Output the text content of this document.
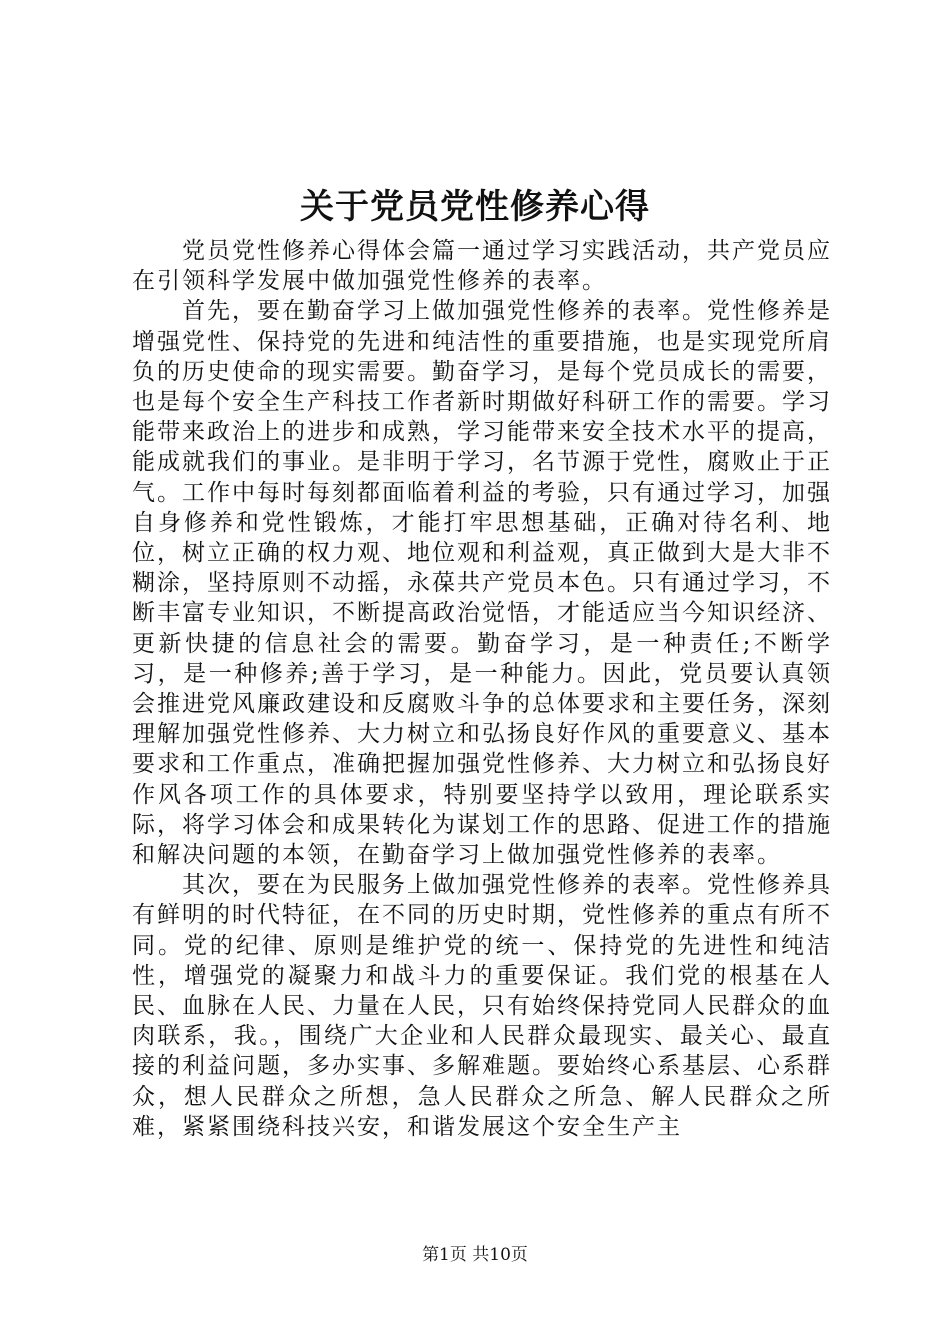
关于党员党性修养心得

党员党性修养心得体会篇一通过学习实践活动，共产党员应在引领科学发展中做加强党性修养的表率。

首先，要在勤奋学习上做加强党性修养的表率。党性修养是增强党性、保持党的先进和纯洁性的重要措施，也是实现党所肩负的历史使命的现实需要。勤奋学习，是每个党员成长的需要，也是每个安全生产科技工作者新时期做好科研工作的需要。学习能带来政治上的进步和成熟，学习能带来安全技术水平的提高，能成就我们的事业。是非明于学习，名节源于党性，腐败止于正气。工作中每时每刻都面临着利益的考验，只有通过学习，加强自身修养和党性锻炼，才能打牢思想基础，正确对待名利、地位，树立正确的权力观、地位观和利益观，真正做到大是大非不糊涂，坚持原则不动摇，永葆共产党员本色。只有通过学习，不断丰富专业知识，不断提高政治觉悟，才能适应当今知识经济、更新快捷的信息社会的需要。勤奋学习，是一种责任;不断学习，是一种修养;善于学习，是一种能力。因此，党员要认真领会推进党风廉政建设和反腐败斗争的总体要求和主要任务，深刻理解加强党性修养、大力树立和弘扬良好作风的重要意义、基本要求和工作重点，准确把握加强党性修养、大力树立和弘扬良好作风各项工作的具体要求，特别要坚持学以致用，理论联系实际，将学习体会和成果转化为谋划工作的思路、促进工作的措施和解决问题的本领，在勤奋学习上做加强党性修养的表率。

其次，要在为民服务上做加强党性修养的表率。党性修养具有鲜明的时代特征，在不同的历史时期，党性修养的重点有所不同。党的纪律、原则是维护党的统一、保持党的先进性和纯洁性，增强党的凝聚力和战斗力的重要保证。我们党的根基在人民、血脉在人民、力量在人民，只有始终保持党同人民群众的血肉联系，我。，围绕广大企业和人民群众最现实、最关心、最直接的利益问题，多办实事、多解难题。要始终心系基层、心系群众，想人民群众之所想，急人民群众之所急、解人民群众之所难，紧紧围绕科技兴安，和谐发展这个安全生产主

第1页 共10页
